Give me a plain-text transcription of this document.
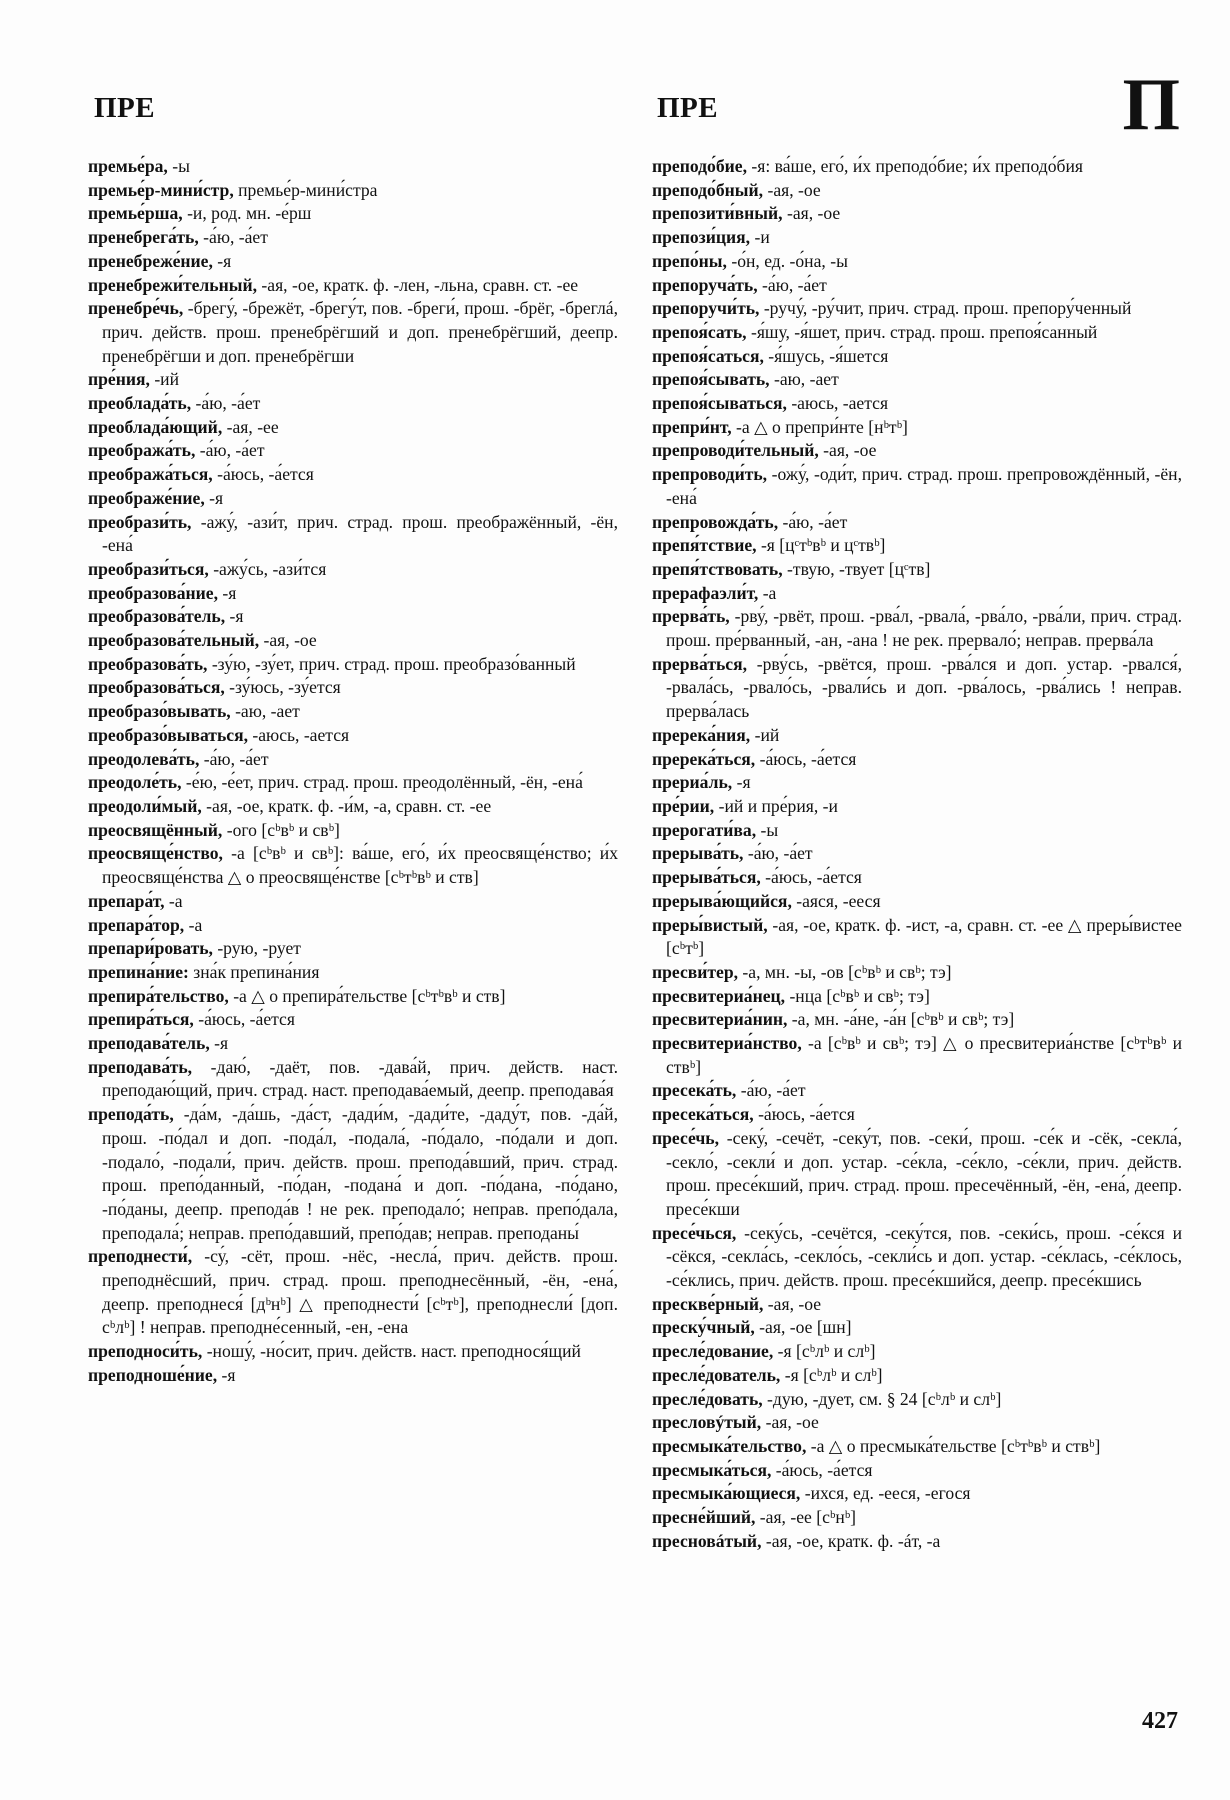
ПРЕ	ПРЕ	П

премье́ра, -ы

премье́р-мини́стр, премье́р-мини́стра

премье́рша, -и, род. мн. -е́рш

пренебрега́ть, -а́ю, -а́ет

пренебреже́ние, -я

пренебрежи́тельный, -ая, -ое, кратк. ф. -лен, -льна, сравн. ст. -ее

пренебре́чь, -брегу́, -брежёт, -брегу́т, пов. -бреги́, прош. -брёг, -бреглá, прич. действ. прош. пренебрёгший и доп. пренебрёгший, деепр. пренебрёгши и доп. пренебрёгши

пре́ния, -ий

преоблада́ть, -а́ю, -а́ет

преоблада́ющий, -ая, -ее

преобража́ть, -а́ю, -а́ет

преобража́ться, -а́юсь, -а́ется

преображе́ние, -я

преобрази́ть, -ажу́, -ази́т, прич. страд. прош. преображённый, -ён, -ена́

преобрази́ться, -ажу́сь, -ази́тся

преобразова́ние, -я

преобразова́тель, -я

преобразова́тельный, -ая, -ое

преобразова́ть, -зу́ю, -зу́ет, прич. страд. прош. преобразо́ванный

преобразова́ться, -зу́юсь, -зу́ется

преобразо́вывать, -аю, -ает

преобразо́вываться, -аюсь, -ается

преодолева́ть, -а́ю, -а́ет

преодоле́ть, -е́ю, -е́ет, прич. страд. прош. преодолённый, -ён, -ена́

преодоли́мый, -ая, -ое, кратк. ф. -и́м, -а, сравн. ст. -ее

преосвящённый, -ого [сᵇвᵇ и свᵇ]

преосвяще́нство, -а [сᵇвᵇ и свᵇ]: ва́ше, его́, и́х преосвяще́нство; и́х преосвяще́нства △ о преосвяще́нстве [сᵇтᵇвᵇ и ств]

препара́т, -а

препара́тор, -а

препари́ровать, -рую, -рует

препина́ние: зна́к препина́ния

препира́тельство, -а △ о препира́тельстве [сᵇтᵇвᵇ и ств]

препира́ться, -а́юсь, -а́ется

преподава́тель, -я

преподава́ть, -даю́, -даёт, пов. -дава́й, прич. действ. наст. преподаю́щий, прич. страд. наст. преподава́емый, деепр. преподава́я

препода́ть, -да́м, -да́шь, -да́ст, -дади́м, -дади́те, -даду́т, пов. -да́й, прош. -по́дал и доп. -пода́л, -подала́, -по́дало, -по́дали и доп. -подало́, -подали́, прич. действ. прош. препода́вший, прич. страд. прош. препо́данный, -по́дан, -подана́ и доп. -по́дана, -по́дано, -по́даны, деепр. препода́в ! не рек. преподало́; неправ. препо́дала, преподала́; неправ. препо́давший, препо́дав; неправ. преподаны́

преподнести́, -су́, -сёт, прош. -нёс, -несла́, прич. действ. прош. преподнёсший, прич. страд. прош. преподнесённый, -ён, -ена́, деепр. преподнеся́ [дᵇнᵇ] △ преподнести́ [сᵇтᵇ], преподнесли́ [доп. сᵇлᵇ] ! неправ. преподне́сенный, -ен, -ена

преподноси́ть, -ношу́, -но́сит, прич. действ. наст. преподнося́щий

преподноше́ние, -я

преподо́бие, -я: ва́ше, его́, и́х преподо́бие; и́х преподо́бия

преподо́бный, -ая, -ое

препозити́вный, -ая, -ое

препози́ция, -и

препо́ны, -о́н, ед. -о́на, -ы

препоруча́ть, -а́ю, -а́ет

препоручи́ть, -ручу́, -ру́чит, прич. страд. прош. препору́ченный

препоя́сать, -я́шу, -я́шет, прич. страд. прош. препоя́санный

препоя́саться, -я́шусь, -я́шется

препоя́сывать, -аю, -ает

препоя́сываться, -аюсь, -ается

препри́нт, -а △ о препри́нте [нᵇтᵇ]

препроводи́тельный, -ая, -ое

препроводи́ть, -ожу́, -оди́т, прич. страд. прош. препровождённый, -ён, -ена́

препровожда́ть, -а́ю, -а́ет

препя́тствие, -я [цᶜтᵇвᵇ и цᶜтвᵇ]

препя́тствовать, -твую, -твует [цᶜтв]

прерафаэли́т, -а

прерва́ть, -рву́, -рвёт, прош. -рва́л, -рвала́, -рва́ло, -рва́ли, прич. страд. прош. пре́рванный, -ан, -ана ! не рек. прервало́; неправ. прерва́ла

прерва́ться, -рву́сь, -рвётся, прош. -рва́лся и доп. устар. -рвался́, -рвала́сь, -рвало́сь, -рвали́сь и доп. -рва́лось, -рва́лись ! неправ. прерва́лась

пререка́ния, -ий

пререка́ться, -а́юсь, -а́ется

прериа́ль, -я

пре́рии, -ий и пре́рия, -и

прерогати́ва, -ы

прерыва́ть, -а́ю, -а́ет

прерыва́ться, -а́юсь, -а́ется

прерыва́ющийся, -аяся, -ееся

преры́вистый, -ая, -ое, кратк. ф. -ист, -а, сравн. ст. -ее △ преры́вистее [сᵇтᵇ]

пресви́тер, -а, мн. -ы, -ов [сᵇвᵇ и свᵇ; тэ]

пресвитериа́нец, -нца [сᵇвᵇ и свᵇ; тэ]

пресвитериа́нин, -а, мн. -а́не, -а́н [сᵇвᵇ и свᵇ; тэ]

пресвитериа́нство, -а [сᵇвᵇ и свᵇ; тэ] △ о пресвитериа́нстве [сᵇтᵇвᵇ и ствᵇ]

пресека́ть, -а́ю, -а́ет

пресека́ться, -а́юсь, -а́ется

пресе́чь, -секу́, -сечёт, -секу́т, пов. -секи́, прош. -се́к и -сёк, -секла́, -секло́, -секли́ и доп. устар. -се́кла, -се́кло, -се́кли, прич. действ. прош. пресе́кший, прич. страд. прош. пресечённый, -ён, -ена́, деепр. пресе́кши

пресе́чься, -секу́сь, -сечётся, -секу́тся, пов. -секи́сь, прош. -се́кся и -сёкся, -секла́сь, -секло́сь, -секли́сь и доп. устар. -се́клась, -се́клось, -се́клись, прич. действ. прош. пресе́кшийся, деепр. пресе́кшись

прескве́рный, -ая, -ое

преску́чный, -ая, -ое [шн]

пресле́дование, -я [сᵇлᵇ и слᵇ]

пресле́дователь, -я [сᵇлᵇ и слᵇ]

пресле́довать, -дую, -дует, см. § 24 [сᵇлᵇ и слᵇ]

пресловýтый, -ая, -ое

пресмыка́тельство, -а △ о пресмыка́тельстве [сᵇтᵇвᵇ и ствᵇ]

пресмыка́ться, -а́юсь, -а́ется

пресмыка́ющиеся, -ихся, ед. -ееся, -егося

пресне́йший, -ая, -ее [сᵇнᵇ]

пресновáтый, -ая, -ое, кратк. ф. -áт, -а

427
